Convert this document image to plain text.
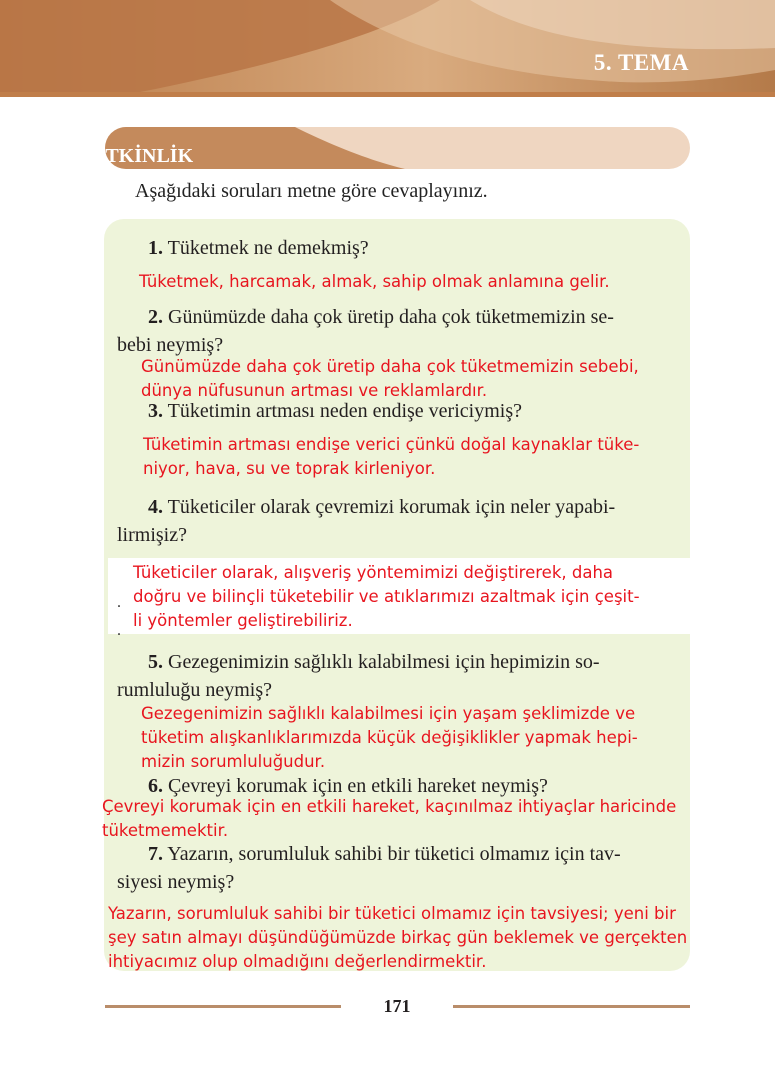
5. TEMA
1. ETKİNLİK
Aşağıdaki soruları metne göre cevaplayınız.
1. Tüketmek ne demekmiş?
Tüketmek, harcamak, almak, sahip olmak anlamına gelir.
2. Günümüzde daha çok üretip daha çok tüketmemizin se-
bebi neymiş?
Günümüzde daha çok üretip daha çok tüketmemizin sebebi,
dünya nüfusunun artması ve reklamlardır.
3. Tüketimin artması neden endişe vericiymiş?
Tüketimin artması endişe verici çünkü doğal kaynaklar tüke-
niyor, hava, su ve toprak kirleniyor.
4. Tüketiciler olarak çevremizi korumak için neler yapabi-
lirmişiz?
.
.
Tüketiciler olarak, alışveriş yöntemimizi değiştirerek, daha
doğru ve bilinçli tüketebilir ve atıklarımızı azaltmak için çeşit-
li yöntemler geliştirebiliriz.
5. Gezegenimizin sağlıklı kalabilmesi için hepimizin so-
rumluluğu neymiş?
Gezegenimizin sağlıklı kalabilmesi için yaşam şeklimizde ve
tüketim alışkanlıklarımızda küçük değişiklikler yapmak hepi-
mizin sorumluluğudur.
6. Çevreyi korumak için en etkili hareket neymiş?
Çevreyi korumak için en etkili hareket, kaçınılmaz ihtiyaçlar haricinde
tüketmemektir.
7. Yazarın, sorumluluk sahibi bir tüketici olmamız için tav-
siyesi neymiş?
Yazarın, sorumluluk sahibi bir tüketici olmamız için tavsiyesi; yeni bir
şey satın almayı düşündüğümüzde birkaç gün beklemek ve gerçekten
ihtiyacımız olup olmadığını değerlendirmektir.
171
